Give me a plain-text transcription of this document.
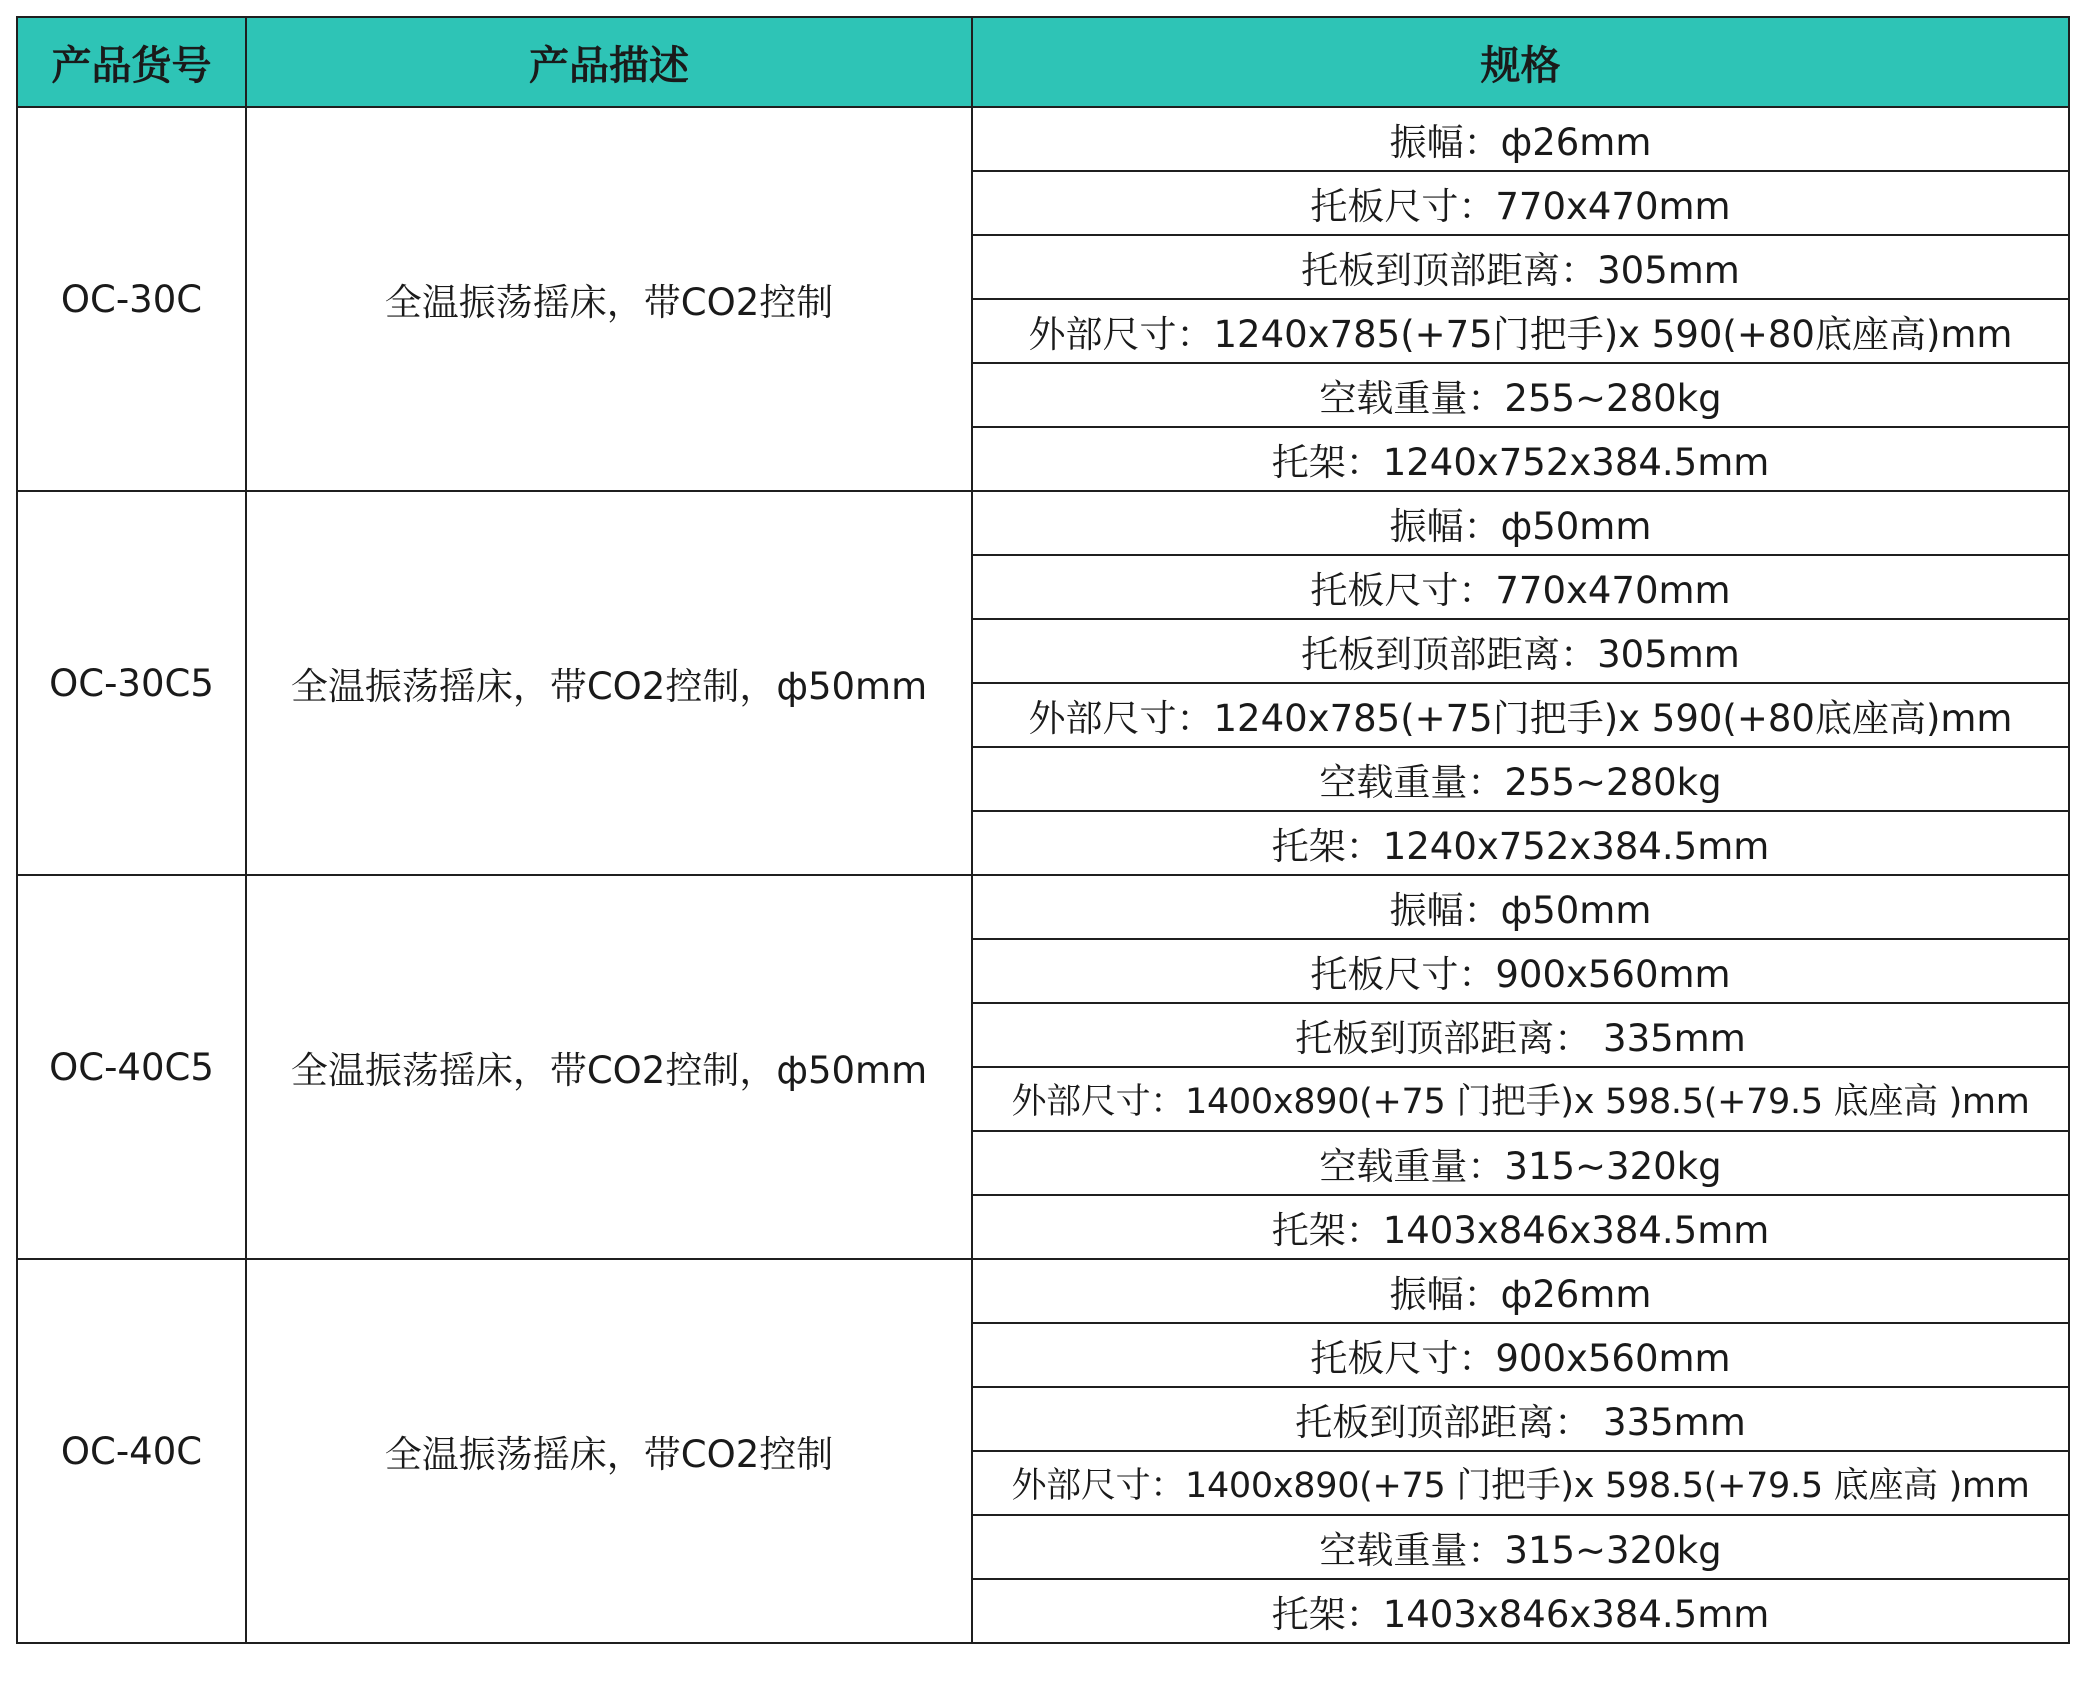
产品货号	产品描述	规格
OC-30C	全温振荡摇床，带CO2控制	振幅：ф26mm
		托板尺寸：770x470mm
		托板到顶部距离：305mm
		外部尺寸：1240x785(+75门把手)x 590(+80底座高)mm
		空载重量：255~280kg
		托架：1240x752x384.5mm
OC-30C5	全温振荡摇床，带CO2控制，ф50mm	振幅：ф50mm
		托板尺寸：770x470mm
		托板到顶部距离：305mm
		外部尺寸：1240x785(+75门把手)x 590(+80底座高)mm
		空载重量：255~280kg
		托架：1240x752x384.5mm
OC-40C5	全温振荡摇床，带CO2控制，ф50mm	振幅：ф50mm
		托板尺寸：900x560mm
		托板到顶部距离： 335mm
		外部尺寸：1400x890(+75 门把手)x 598.5(+79.5 底座高 )mm
		空载重量：315~320kg
		托架：1403x846x384.5mm
OC-40C	全温振荡摇床，带CO2控制	振幅：ф26mm
		托板尺寸：900x560mm
		托板到顶部距离： 335mm
		外部尺寸：1400x890(+75 门把手)x 598.5(+79.5 底座高 )mm
		空载重量：315~320kg
		托架：1403x846x384.5mm
